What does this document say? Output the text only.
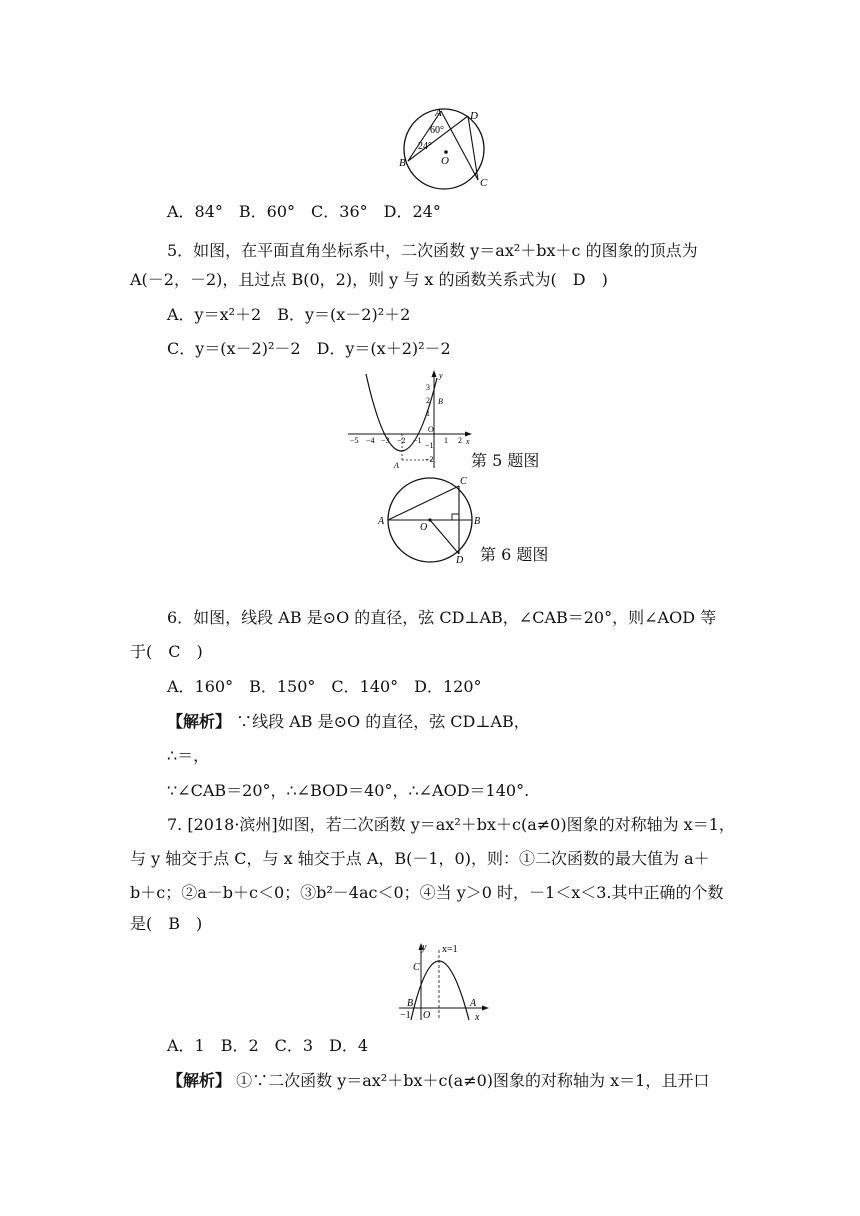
A	D
B
C
O
60°
24°
A．84°　B．60°　C．36°　D．24°
5．如图，在平面直角坐标系中，二次函数 y＝ax²＋bx＋c 的图象的顶点为
A(－2，－2)，且过点 B(0，2)，则 y 与 x 的函数关系式为(　D　)
A．y＝x²＋2　B．y＝(x－2)²＋2
C．y＝(x－2)²－2　D．y＝(x＋2)²－2
−5 −4 −3 −2 −1
O
1 2
3
2
1
−1
−2
B
A
y
x
第 5 题图
A	B
C
D
O
第 6 题图
6．如图，线段 AB 是⊙O 的直径，弦 CD⊥AB，∠CAB＝20°，则∠AOD 等
于(　C　)
A．160°　B．150°　C．140°　D．120°
【解析】 ∵线段 AB 是⊙O 的直径，弦 CD⊥AB，
∴＝，
∵∠CAB＝20°，∴∠BOD＝40°，∴∠AOD＝140°.
7. [2018·滨州]如图，若二次函数 y＝ax²＋bx＋c(a≠0)图象的对称轴为 x＝1，
与 y 轴交于点 C，与 x 轴交于点 A，B(－1，0)，则：①二次函数的最大值为 a＋
b＋c；②a－b＋c＜0；③b²－4ac＜0；④当 y＞0 时，－1＜x＜3.其中正确的个数
是(　B　)
x=1
y
C
B	A
−1 O	x
A．1　B．2　C．3　D．4
【解析】 ①∵二次函数 y＝ax²＋bx＋c(a≠0)图象的对称轴为 x＝1，且开口
